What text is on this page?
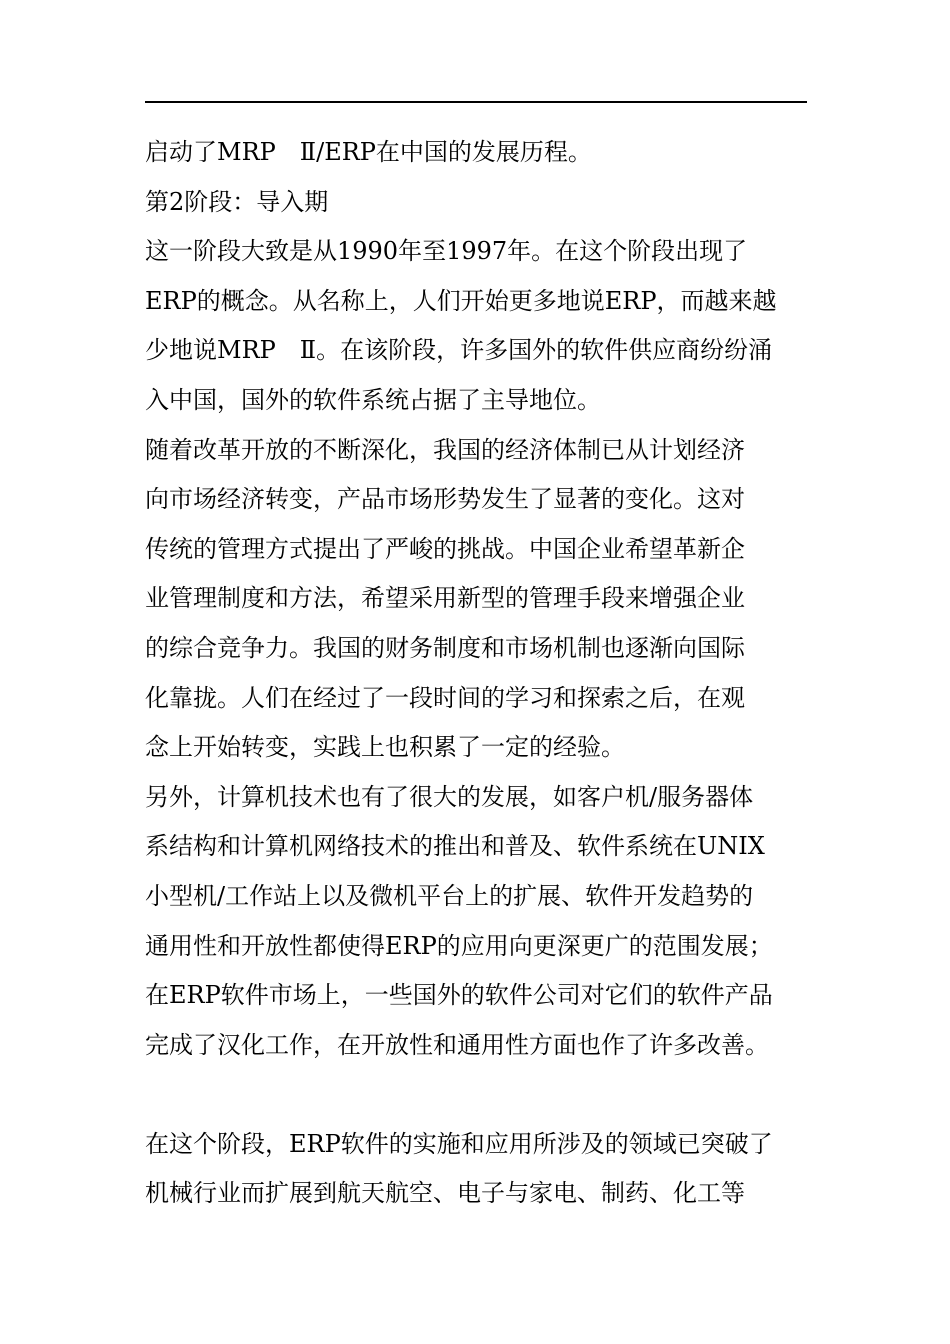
启动了MRP　Ⅱ/ERP在中国的发展历程。
第2阶段：导入期
这一阶段大致是从1990年至1997年。在这个阶段出现了
ERP的概念。从名称上，人们开始更多地说ERP，而越来越
少地说MRP　Ⅱ。在该阶段，许多国外的软件供应商纷纷涌
入中国，国外的软件系统占据了主导地位。
随着改革开放的不断深化，我国的经济体制已从计划经济
向市场经济转变，产品市场形势发生了显著的变化。这对
传统的管理方式提出了严峻的挑战。中国企业希望革新企
业管理制度和方法，希望采用新型的管理手段来增强企业
的综合竞争力。我国的财务制度和市场机制也逐渐向国际
化靠拢。人们在经过了一段时间的学习和探索之后，在观
念上开始转变，实践上也积累了一定的经验。
另外，计算机技术也有了很大的发展，如客户机/服务器体
系结构和计算机网络技术的推出和普及、软件系统在UNIX
小型机/工作站上以及微机平台上的扩展、软件开发趋势的
通用性和开放性都使得ERP的应用向更深更广的范围发展；
在ERP软件市场上，一些国外的软件公司对它们的软件产品
完成了汉化工作，在开放性和通用性方面也作了许多改善。
在这个阶段，ERP软件的实施和应用所涉及的领域已突破了
机械行业而扩展到航天航空、电子与家电、制药、化工等
